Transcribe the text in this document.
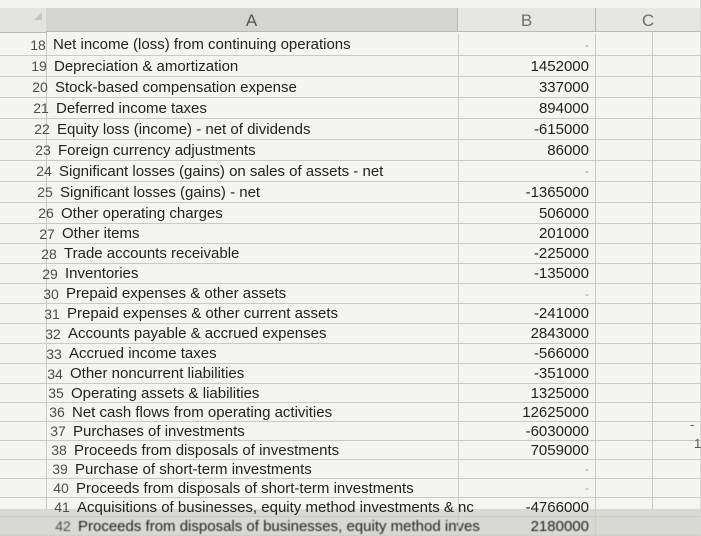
A	B	C
18 Net income (loss) from continuing operations	-
19 Depreciation & amortization	1452000
20 Stock-based compensation expense	337000
21 Deferred income taxes	894000
22 Equity loss (income) - net of dividends	-615000
23 Foreign currency adjustments	86000
24 Significant losses (gains) on sales of assets - net	-
25 Significant losses (gains) - net	-1365000
26 Other operating charges	506000
27 Other items	201000
28 Trade accounts receivable	-225000
29 Inventories	-135000
30 Prepaid expenses & other assets	-
31 Prepaid expenses & other current assets	-241000
32 Accounts payable & accrued expenses	2843000
33 Accrued income taxes	-566000
34 Other noncurrent liabilities	-351000
35 Operating assets & liabilities	1325000
36 Net cash flows from operating activities	12625000
37 Purchases of investments	-6030000
38 Proceeds from disposals of investments	7059000
39 Purchase of short-term investments	-
40 Proceeds from disposals of short-term investments	-
41 Acquisitions of businesses, equity method investments & nc	-4766000
42 Proceeds from disposals of businesses, equity method inves	2180000
-
1
